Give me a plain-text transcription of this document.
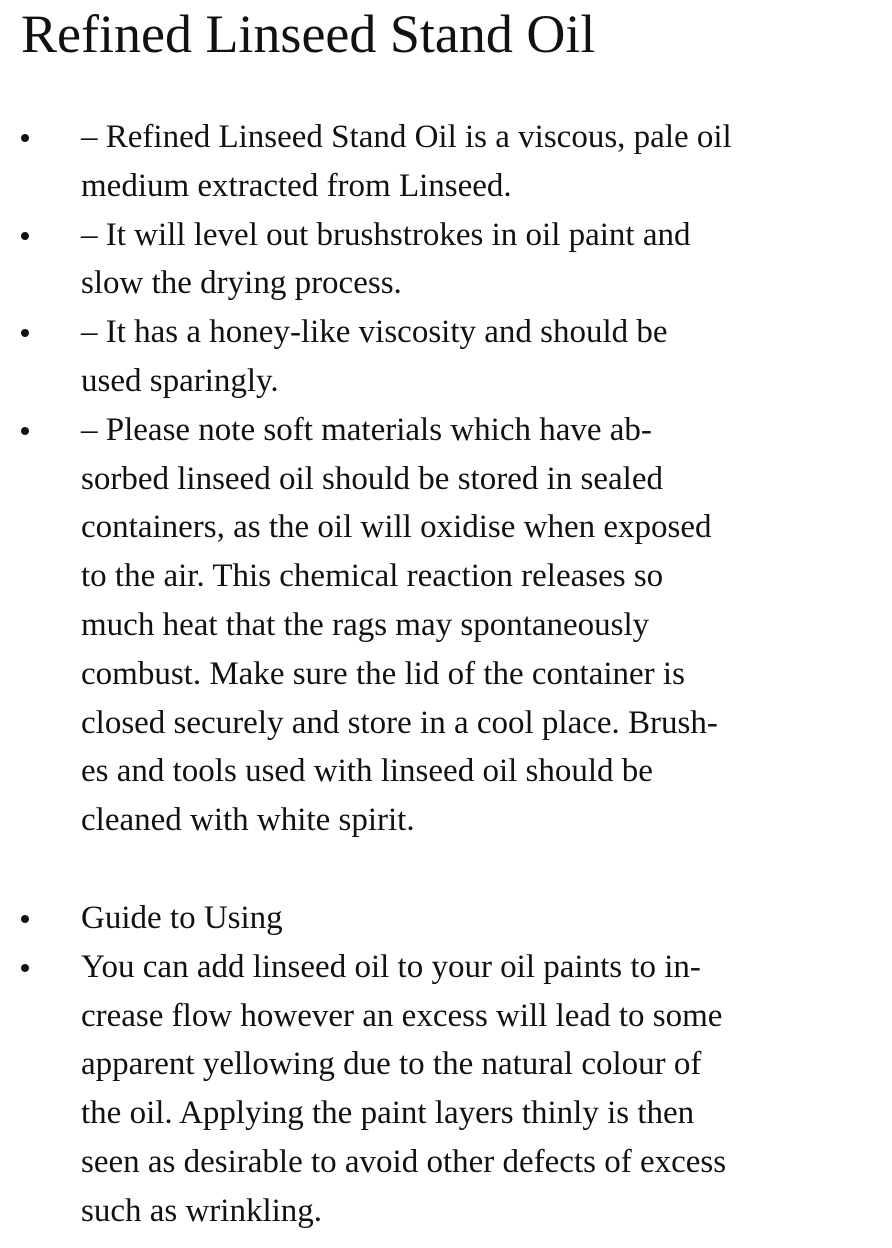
Refined Linseed Stand Oil
– Refined Linseed Stand Oil is a viscous, pale oil
medium extracted from Linseed.
– It will level out brushstrokes in oil paint and
slow the drying process.
– It has a honey-like viscosity and should be
used sparingly.
– Please note soft materials which have ab-
sorbed linseed oil should be stored in sealed
containers, as the oil will oxidise when exposed
to the air. This chemical reaction releases so
much heat that the rags may spontaneously
combust. Make sure the lid of the container is
closed securely and store in a cool place. Brush-
es and tools used with linseed oil should be
cleaned with white spirit.
Guide to Using
You can add linseed oil to your oil paints to in-
crease flow however an excess will lead to some
apparent yellowing due to the natural colour of
the oil. Applying the paint layers thinly is then
seen as desirable to avoid other defects of excess
such as wrinkling.
